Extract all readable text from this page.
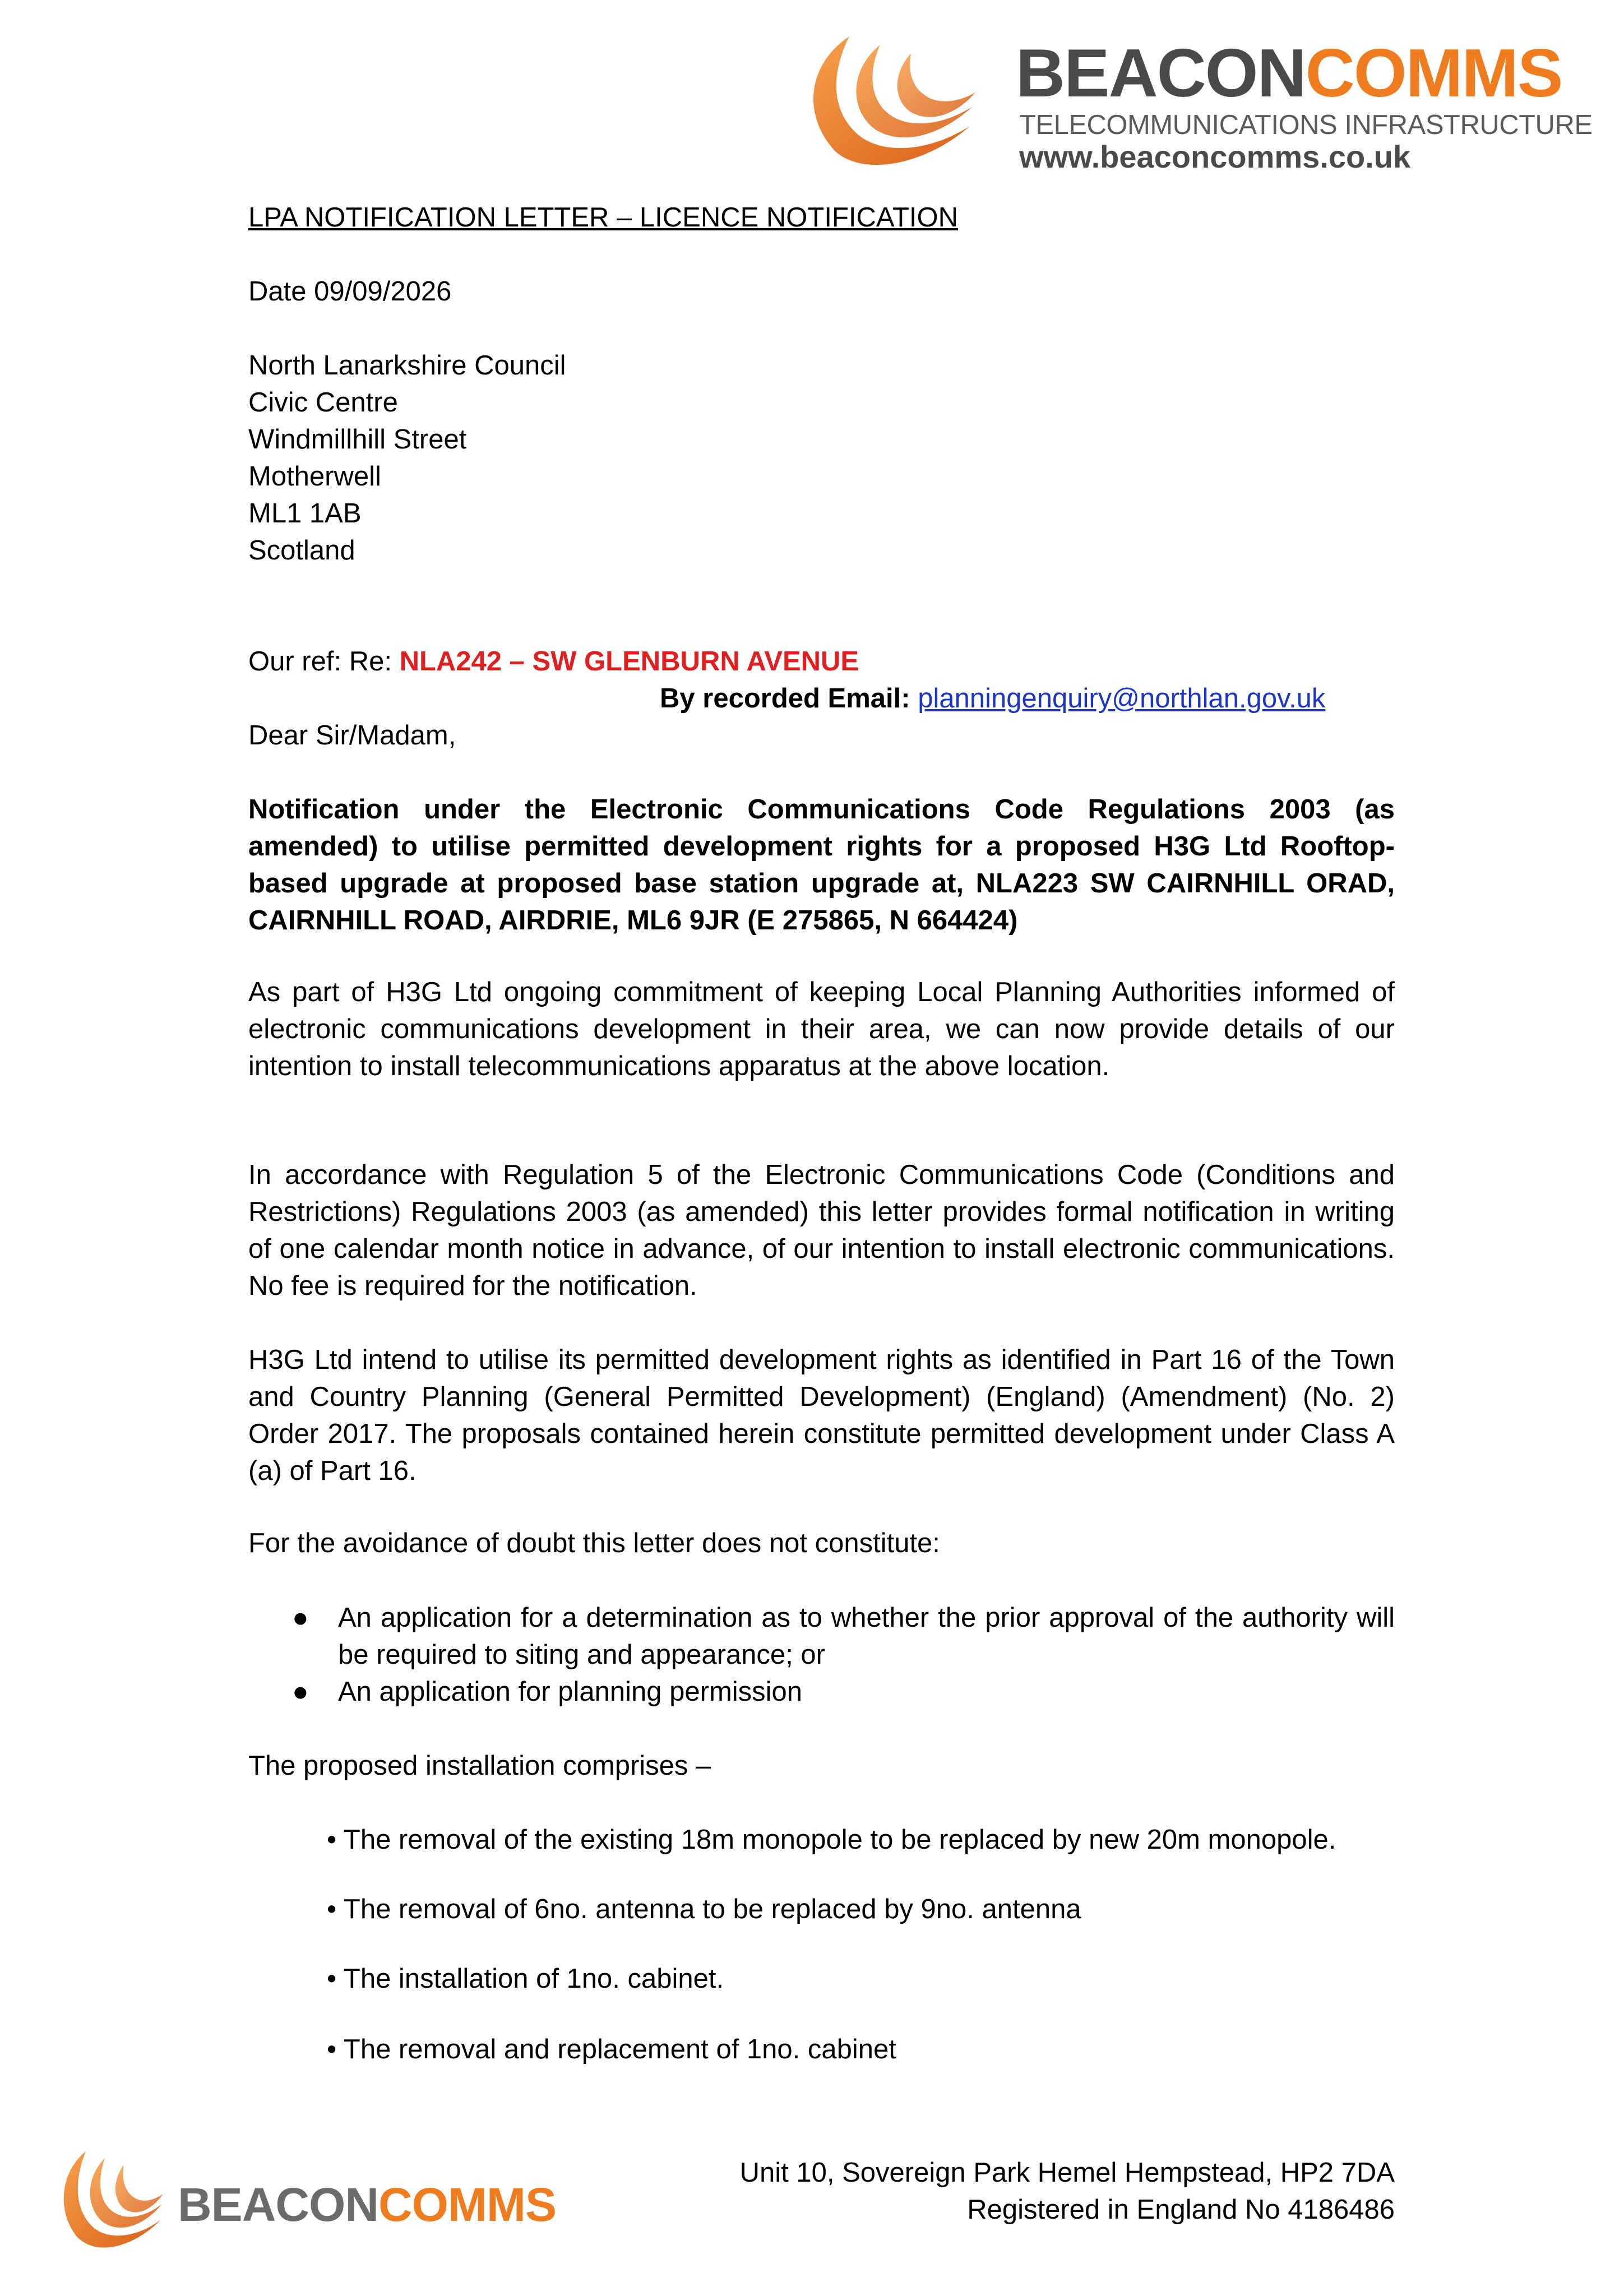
BEACONCOMMS
TELECOMMUNICATIONS INFRASTRUCTURE
www.beaconcomms.co.uk
LPA NOTIFICATION LETTER – LICENCE NOTIFICATION
Date 09/09/2026
North Lanarkshire Council
Civic Centre
Windmillhill Street
Motherwell
ML1 1AB
Scotland
Our ref: Re: NLA242 – SW GLENBURN AVENUE
By recorded Email: planningenquiry@northlan.gov.uk
Dear Sir/Madam,
Notification under the Electronic Communications Code Regulations 2003 (as amended) to utilise permitted development rights for a proposed H3G Ltd Rooftop-based upgrade at proposed base station upgrade at, NLA223 SW CAIRNHILL ORAD, CAIRNHILL ROAD, AIRDRIE, ML6 9JR (E 275865, N 664424)
As part of H3G Ltd ongoing commitment of keeping Local Planning Authorities informed of electronic communications development in their area, we can now provide details of our intention to install telecommunications apparatus at the above location.
In accordance with Regulation 5 of the Electronic Communications Code (Conditions and Restrictions) Regulations 2003 (as amended) this letter provides formal notification in writing of one calendar month notice in advance, of our intention to install electronic communications. No fee is required for the notification.
H3G Ltd intend to utilise its permitted development rights as identified in Part 16 of the Town and Country Planning (General Permitted Development) (England) (Amendment) (No. 2) Order 2017. The proposals contained herein constitute permitted development under Class A (a) of Part 16.
For the avoidance of doubt this letter does not constitute:
● An application for a determination as to whether the prior approval of the authority will be required to siting and appearance; or
● An application for planning permission
The proposed installation comprises –
• The removal of the existing 18m monopole to be replaced by new 20m monopole.
• The removal of 6no. antenna to be replaced by 9no. antenna
• The installation of 1no. cabinet.
• The removal and replacement of 1no. cabinet
BEACONCOMMS
Unit 10, Sovereign Park Hemel Hempstead, HP2 7DA
Registered in England No 4186486
